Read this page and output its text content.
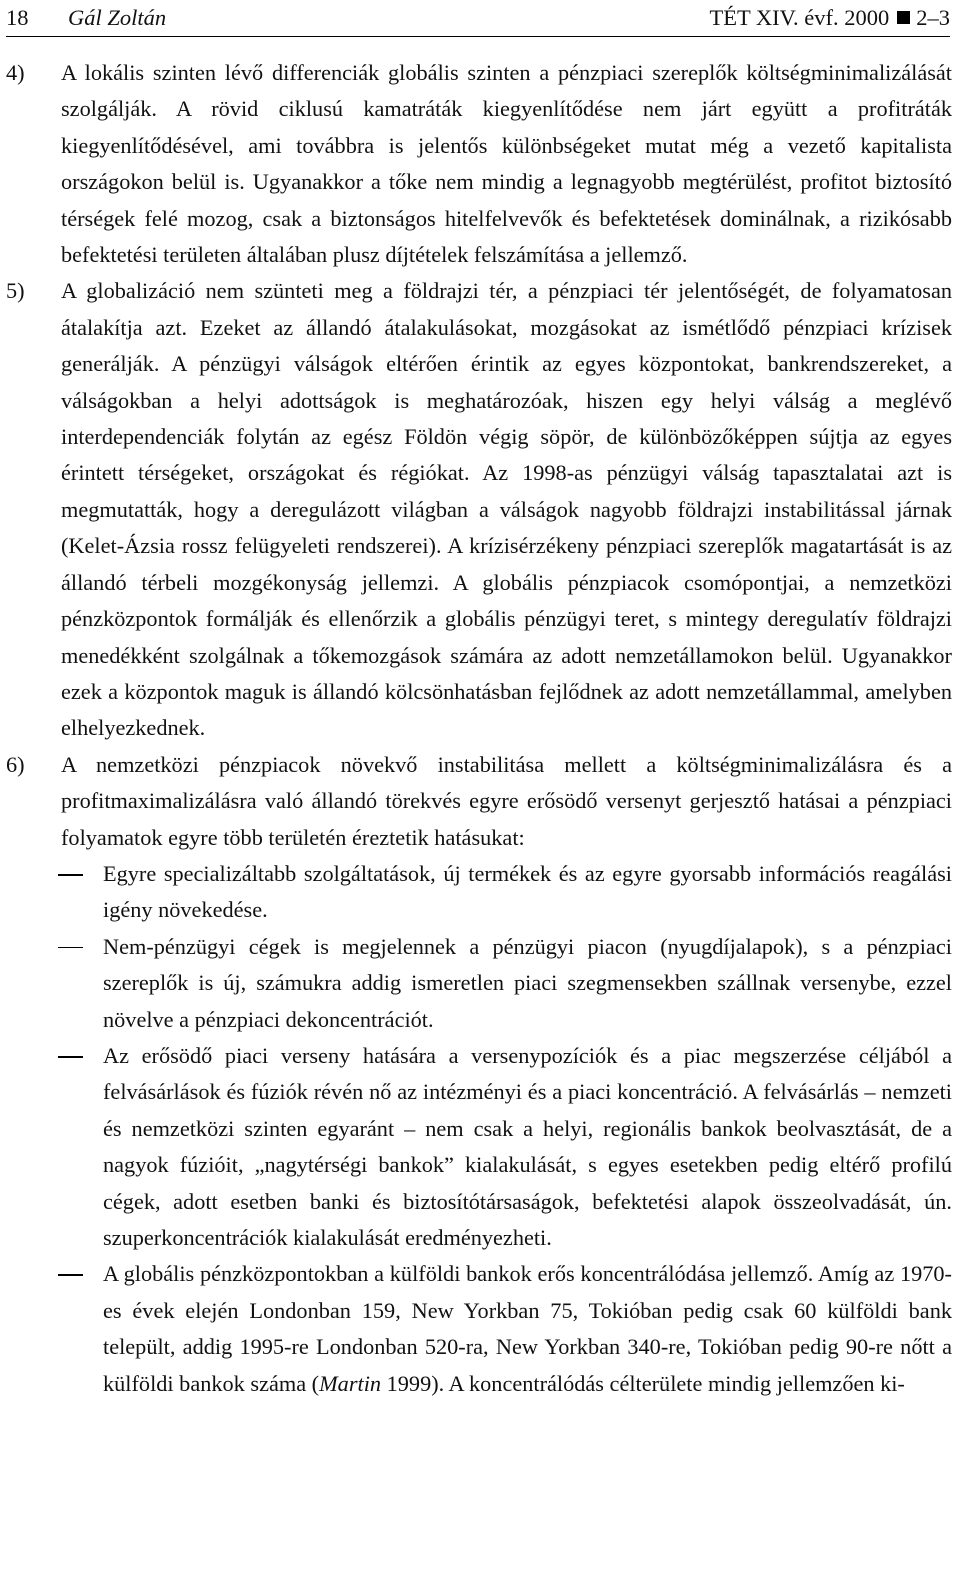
18 Gál Zoltán	TÉT XIV. évf. 2000 2–3
4) A lokális szinten lévő differenciák globális szinten a pénzpiaci szereplők költségminimalizálását szolgálják. A rövid ciklusú kamatráták kiegyenlítődése nem járt együtt a profitráták kiegyenlítődésével, ami továbbra is jelentős különbségeket mutat még a vezető kapitalista országokon belül is. Ugyanakkor a tőke nem mindig a legnagyobb megtérülést, profitot biztosító térségek felé mozog, csak a biztonságos hitelfelvevők és befektetések dominálnak, a rizikósabb befektetési területen általában plusz díjtételek felszámítása a jellemző.
5) A globalizáció nem szünteti meg a földrajzi tér, a pénzpiaci tér jelentőségét, de folyamatosan átalakítja azt. Ezeket az állandó átalakulásokat, mozgásokat az ismétlődő pénzpiaci krízisek generálják. A pénzügyi válságok eltérően érintik az egyes központokat, bankrendszereket, a válságokban a helyi adottságok is meghatározóak, hiszen egy helyi válság a meglévő interdependenciák folytán az egész Földön végig söpör, de különbözőképpen sújtja az egyes érintett térségeket, országokat és régiókat. Az 1998-as pénzügyi válság tapasztalatai azt is megmutatták, hogy a deregulázott világban a válságok nagyobb földrajzi instabilitással járnak (Kelet-Ázsia rossz felügyeleti rendszerei). A krízisérzékeny pénzpiaci szereplők magatartását is az állandó térbeli mozgékonyság jellemzi. A globális pénzpiacok csomópontjai, a nemzetközi pénzközpontok formálják és ellenőrzik a globális pénzügyi teret, s mintegy deregulatív földrajzi menedékként szolgálnak a tőkemozgások számára az adott nemzetállamokon belül. Ugyanakkor ezek a központok maguk is állandó kölcsönhatásban fejlődnek az adott nemzetállammal, amelyben elhelyezkednek.
6) A nemzetközi pénzpiacok növekvő instabilitása mellett a költségminimalizálásra és a profitmaximalizálásra való állandó törekvés egyre erősödő versenyt gerjesztő hatásai a pénzpiaci folyamatok egyre több területén éreztetik hatásukat:
Egyre specializáltabb szolgáltatások, új termékek és az egyre gyorsabb információs reagálási igény növekedése.
Nem-pénzügyi cégek is megjelennek a pénzügyi piacon (nyugdíjalapok), s a pénzpiaci szereplők is új, számukra addig ismeretlen piaci szegmensekben szállnak versenybe, ezzel növelve a pénzpiaci dekoncentrációt.
Az erősödő piaci verseny hatására a versenypozíciók és a piac megszerzése céljából a felvásárlások és fúziók révén nő az intézményi és a piaci koncentráció. A felvásárlás – nemzeti és nemzetközi szinten egyaránt – nem csak a helyi, regionális bankok beolvasztását, de a nagyok fúzióit, „nagytérségi bankok” kialakulását, s egyes esetekben pedig eltérő profilú cégek, adott esetben banki és biztosítótársaságok, befektetési alapok összeolvadását, ún. szuperkoncentrációk kialakulását eredményezheti.
A globális pénzközpontokban a külföldi bankok erős koncentrálódása jellemző. Amíg az 1970-es évek elején Londonban 159, New Yorkban 75, Tokióban pedig csak 60 külföldi bank települt, addig 1995-re Londonban 520-ra, New Yorkban 340-re, Tokióban pedig 90-re nőtt a külföldi bankok száma (Martin 1999). A koncentrálódás célterülete mindig jellemzően ki-
